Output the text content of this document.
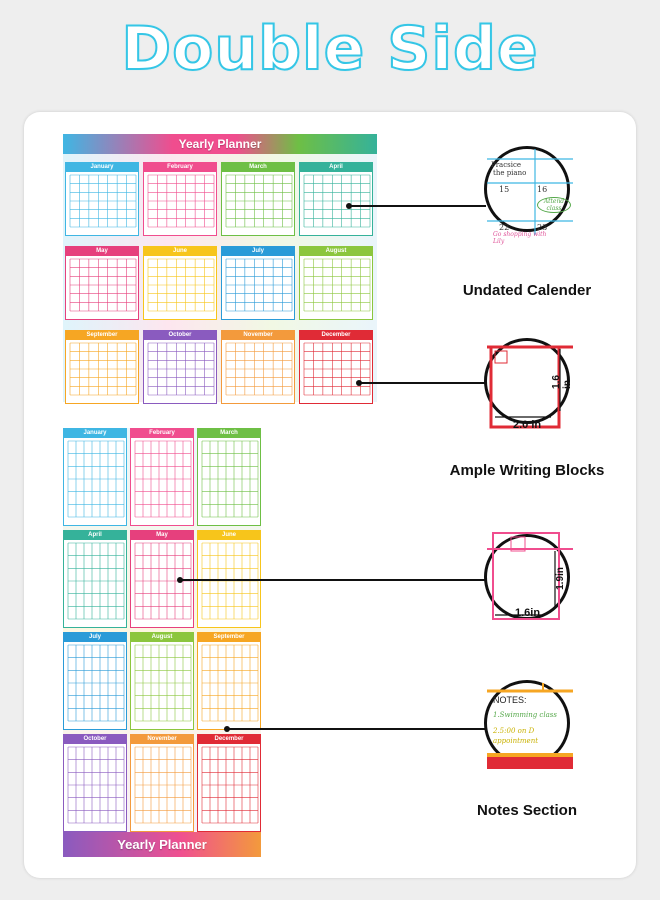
Double Side
Yearly Planner
January	February	March	April
May	June	July	August
September	October	November	December
January	February	March
April	May	June
July	August	September
October	November	December
Yearly Planner
Pracsice
the piano
15	16
Attend class
22	23
Go shopping with Lily
Undated Calender
2.0 in
1.6 in
Ample Writing Blocks
1.6in
1.9in
NOTES:
1.Swimming class
2.5:00 on D
appointment
Notes Section
